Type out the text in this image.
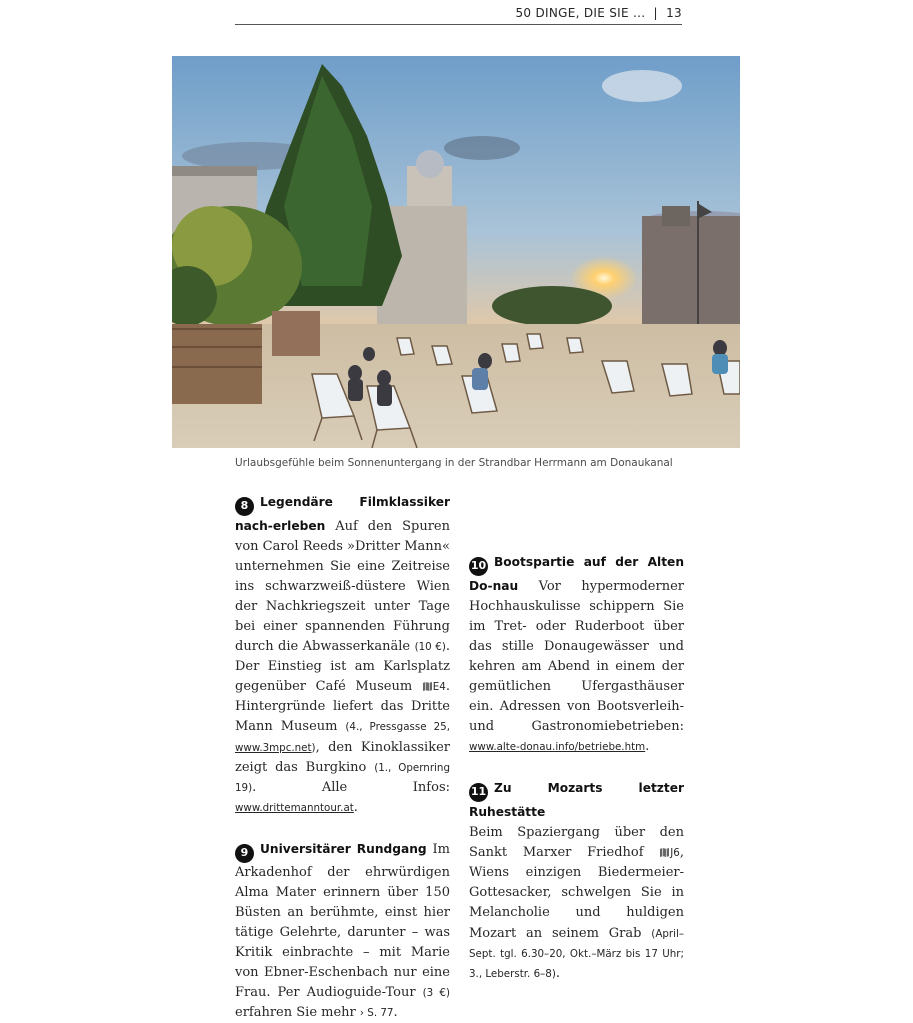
50 DINGE, DIE SIE ... | 13
Urlaubsgefühle beim Sonnenuntergang in der Strandbar Herrmann am Donaukanal

8 Legendäre Filmklassiker nach-erleben Auf den Spuren von Carol Reeds »Dritter Mann« unternehmen Sie eine Zeitreise ins schwarzweiß-düstere Wien der Nachkriegszeit unter Tage bei einer spannenden Führung durch die Abwasserkanäle (10 €). Der Einstieg ist am Karlsplatz gegenüber Café Museum E4. Hintergründe liefert das Dritte Mann Museum (4., Pressgasse 25, www.3mpc.net), den Kinoklassiker zeigt das Burgkino (1., Opernring 19). Alle Infos: www.drittemanntour.at.

9 Universitärer Rundgang Im Arkadenhof der ehrwürdigen Alma Mater erinnern über 150 Büsten an berühmte, einst hier tätige Gelehrte, darunter – was Kritik einbrachte – mit Marie von Ebner-Eschenbach nur eine Frau. Per Audioguide-Tour (3 €) erfahren Sie mehr › S. 77.

10 Bootspartie auf der Alten Do-nau Vor hypermoderner Hochhauskulisse schippern Sie im Tret- oder Ruderboot über das stille Donaugewässer und kehren am Abend in einem der gemütlichen Ufergasthäuser ein. Adressen von Bootsverleih- und Gastronomiebetrieben: www.alte-donau.info/betriebe.htm.

11 Zu Mozarts letzter Ruhestätte
Beim Spaziergang über den Sankt Marxer Friedhof J6, Wiens einzigen Biedermeier-Gottesacker, schwelgen Sie in Melancholie und huldigen Mozart an seinem Grab (April–Sept. tgl. 6.30–20, Okt.–März bis 17 Uhr; 3., Leberstr. 6–8).
